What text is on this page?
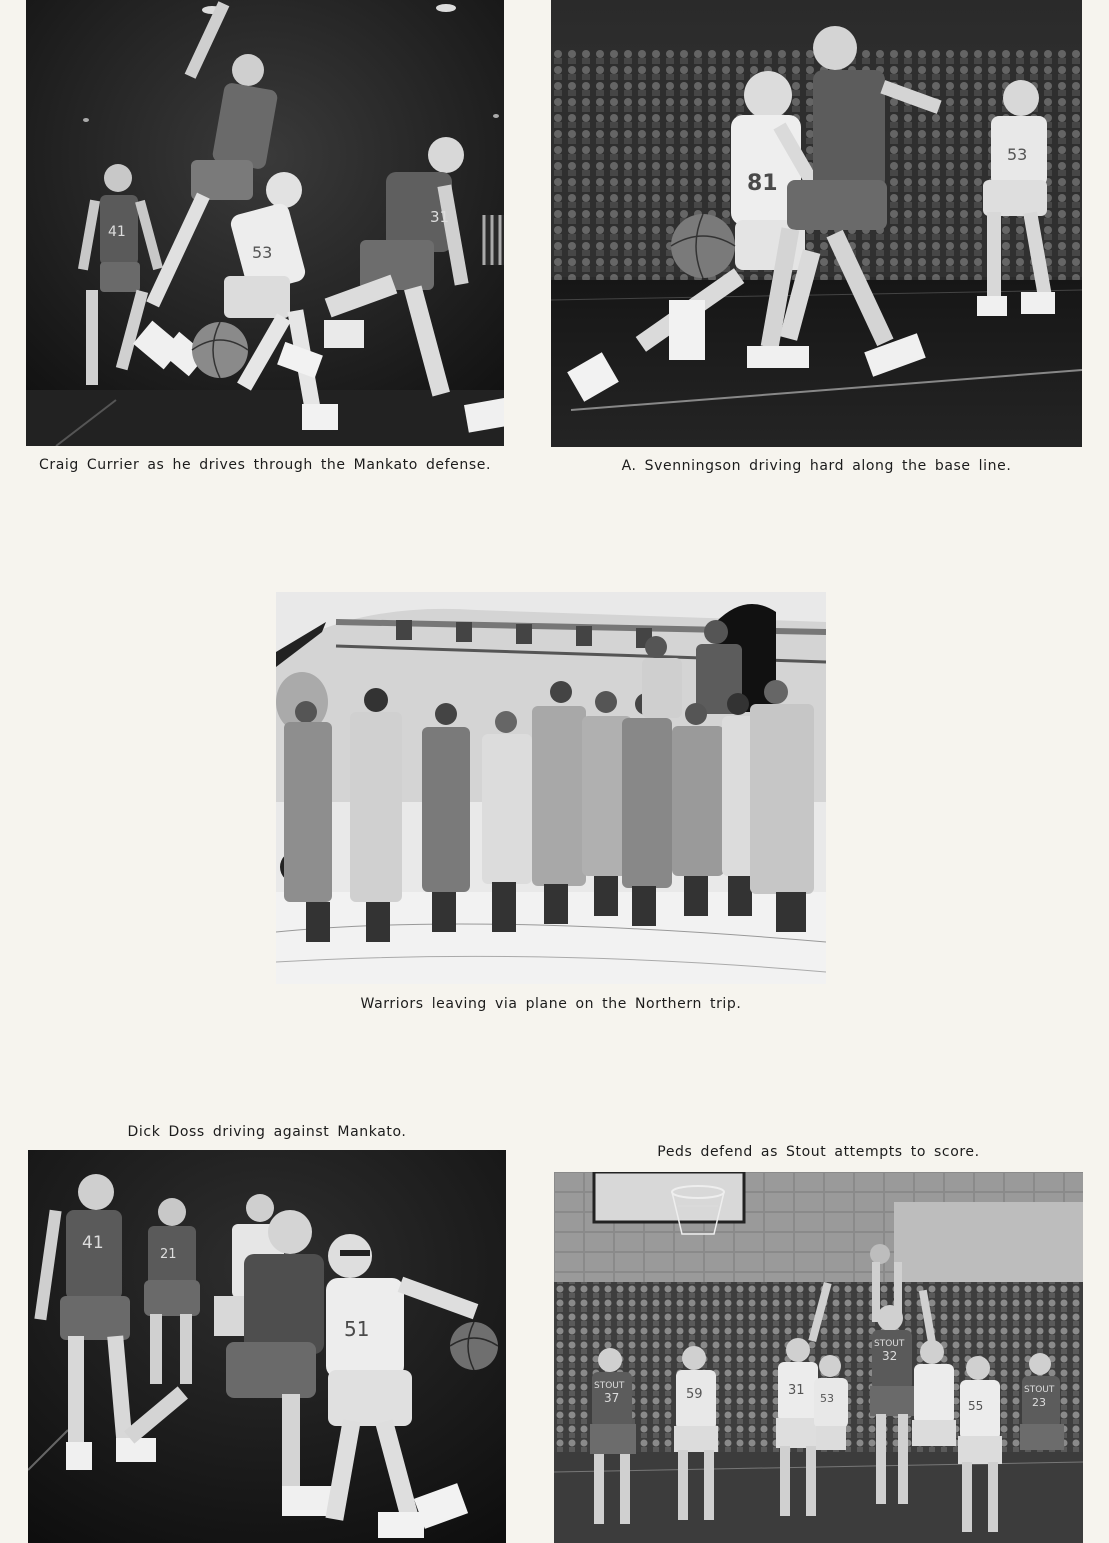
41
53
31
Craig Currier as he drives through the Mankato defense.
81
53
A. Svenningson driving hard along the base line.
Warriors leaving via plane on the Northern trip.
Dick Doss driving against Mankato.
41
21
51
Peds defend as Stout attempts to score.
STOUT
37	59	31
53
STOUT
32
55
STOUT
23
